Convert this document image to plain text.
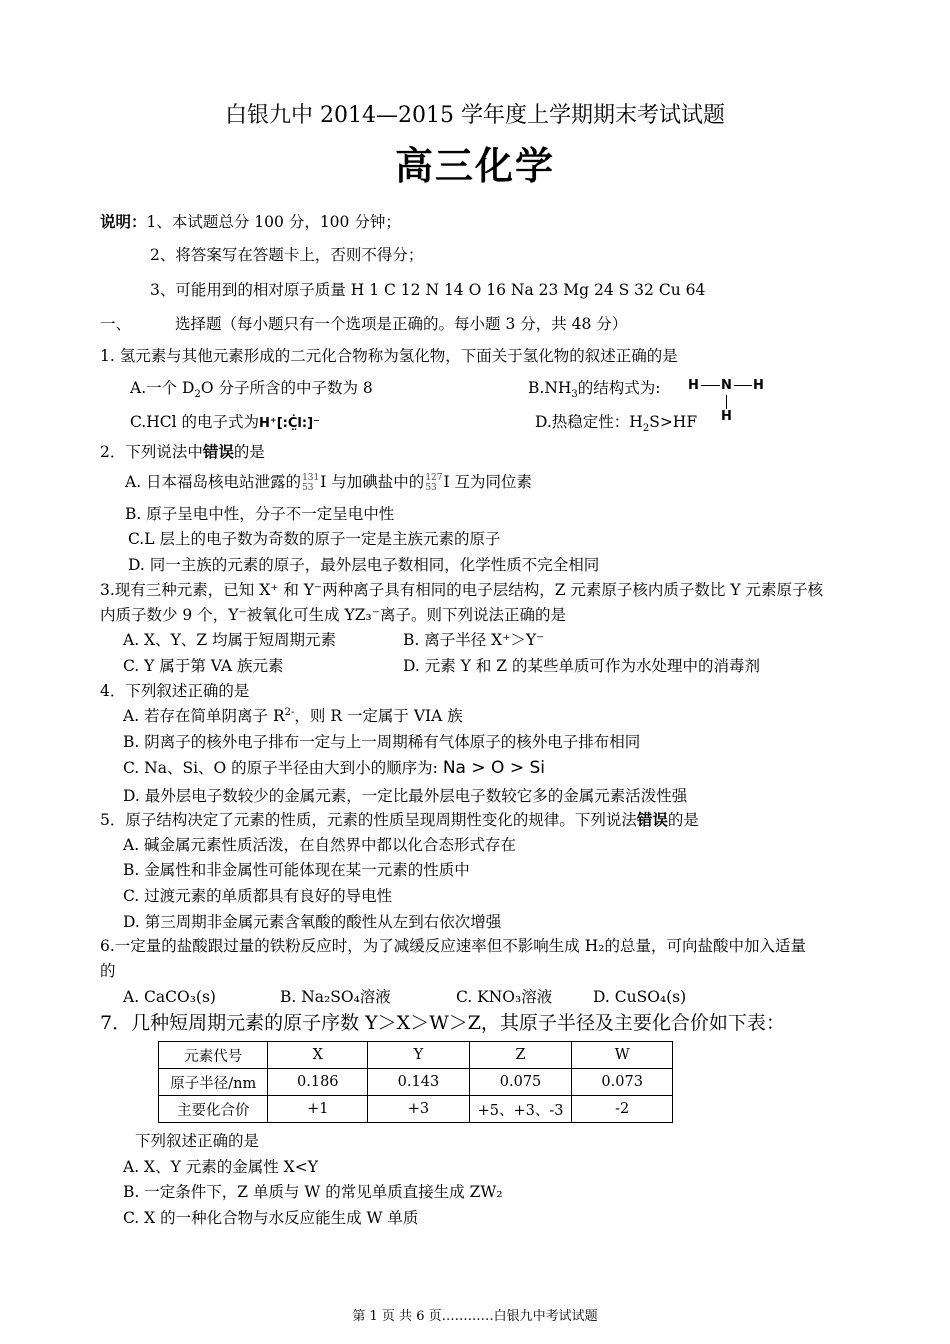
白银九中 2014—2015 学年度上学期期末考试试题
高三化学
说明：1、本试题总分 100 分，100 分钟；
2、将答案写在答题卡上，否则不得分；
3、可能用到的相对原子质量 H 1 C 12 N 14 O 16 Na 23 Mg 24 S 32 Cu 64
一、	选择题（每小题只有一个选项是正确的。每小题 3 分，共 48 分）
1. 氢元素与其他元素形成的二元化合物称为氢化物，下面关于氢化物的叙述正确的是
A.一个 $D_2O$ 分子所含的中子数为 8	$B.NH_3$的结构式为: H N H
H
C.HCl 的电子式为H⁺[:Ċ̤l:]⁻	D.热稳定性：$H_2S>HF$
2．下列说法中错误的是
A. 日本福岛核电站泄露的 131
53 I 与加碘盐中的 127
53 I 互为同位素
B. 原子呈电中性，分子不一定呈电中性
C.L 层上的电子数为奇数的原子一定是主族元素的原子
D. 同一主族的元素的原子，最外层电子数相同，化学性质不完全相同
3.现有三种元素，已知 X⁺ 和 Y⁻两种离子具有相同的电子层结构，Z 元素原子核内质子数比 Y 元素原子核
内质子数少 9 个，Y⁻被氧化可生成 YZ₃⁻离子。则下列说法正确的是
A. X、Y、Z 均属于短周期元素	B. 离子半径 X⁺＞Y⁻
C. Y 属于第 VA 族元素	D. 元素 Y 和 Z 的某些单质可作为水处理中的消毒剂
4．下列叙述正确的是
A. 若存在简单阴离子 $R^{2-}$，则 R 一定属于 VIA 族
B. 阴离子的核外电子排布一定与上一周期稀有气体原子的核外电子排布相同
C. Na、Si、O 的原子半径由大到小的顺序为: Na > O > Si
D. 最外层电子数较少的金属元素，一定比最外层电子数较它多的金属元素活泼性强
5．原子结构决定了元素的性质，元素的性质呈现周期性变化的规律。下列说法错误的是
A. 碱金属元素性质活泼，在自然界中都以化合态形式存在
B. 金属性和非金属性可能体现在某一元素的性质中
C. 过渡元素的单质都具有良好的导电性
D. 第三周期非金属元素含氧酸的酸性从左到右依次增强
6.一定量的盐酸跟过量的铁粉反应时，为了减缓反应速率但不影响生成 H₂的总量，可向盐酸中加入适量
的
A. CaCO₃(s)	B. Na₂SO₄溶液	C. KNO₃溶液	D. CuSO₄(s)
7．几种短周期元素的原子序数 Y＞X＞W＞Z，其原子半径及主要化合价如下表：
元素代号	X	Y	Z	W
原子半径/nm	0.186	0.143	0.075	0.073
主要化合价	+1	+3	+5、+3、-3	-2
下列叙述正确的是
A. X、Y 元素的金属性 X<Y
B. 一定条件下，Z 单质与 W 的常见单质直接生成 ZW₂
C. X 的一种化合物与水反应能生成 W 单质
第 1 页 共 6 页…………白银九中考试试题
